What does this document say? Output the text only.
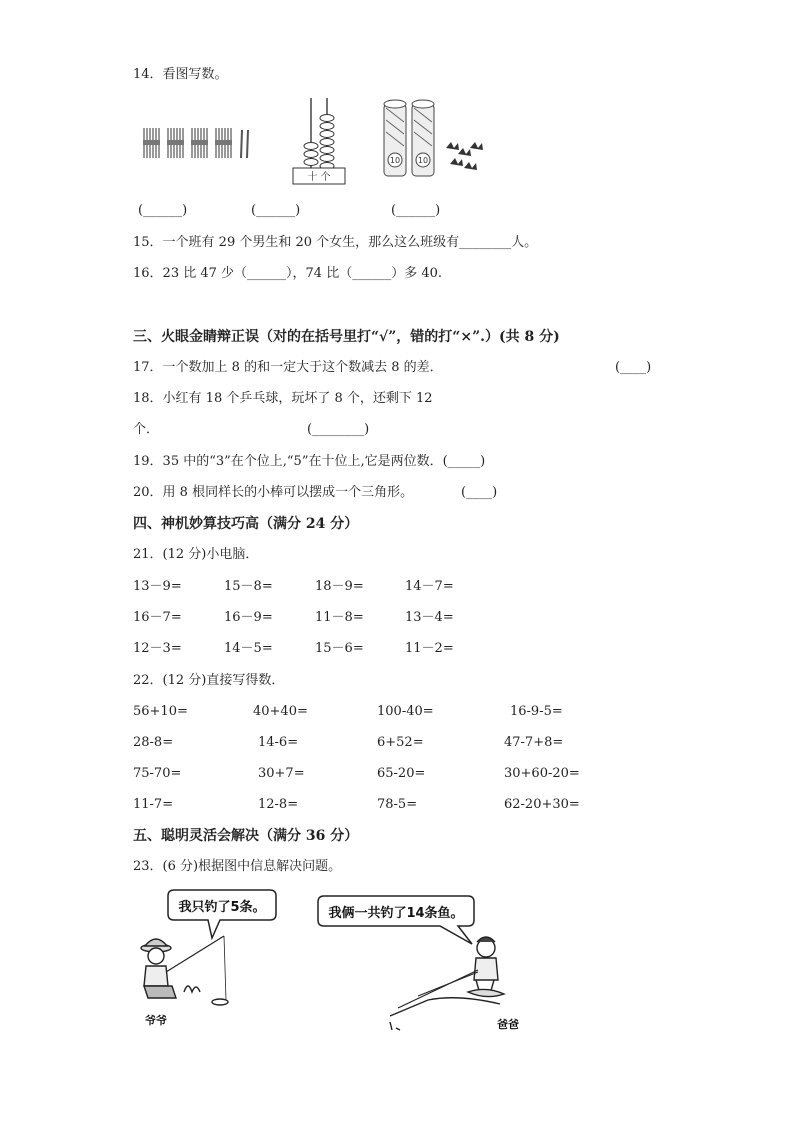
14．看图写数。
十 个
10 10
(______)	(______)	(______)
15．一个班有 29 个男生和 20 个女生，那么这么班级有________人。
16．23 比 47 少（______），74 比（______）多 40.
三、火眼金睛辩正误（对的在括号里打“√”，错的打“×”.）(共 8 分)
17．一个数加上 8 的和一定大于这个数减去 8 的差．	(____)
18．小红有 18 个乒乓球，玩坏了 8 个，还剩下 12
个．	(________)
19．35 中的“3”在个位上,“5”在十位上,它是两位数．(_____)
20．用 8 根同样长的小棒可以摆成一个三角形。	(____)
四、神机妙算技巧高（满分 24 分）
21．(12 分)小电脑．
13－9=	15－8=	18－9=	14－7=
16－7=	16－9=	11－8=	13－4=
12－3=	14－5=	15－6=	11－2=
22．(12 分)直接写得数．
56+10=	40+40=	100-40=	16-9-5=
28-8=	14-6=	6+52=	47-7+8=
75-70=	30+7=	65-20=	30+60-20=
11-7=	12-8=	78-5=	62-20+30=
五、聪明灵活会解决（满分 36 分）
23．(6 分)根据图中信息解决问题。
我只钓了5条。
爷爷
我俩一共钓了14条鱼。
爸爸
